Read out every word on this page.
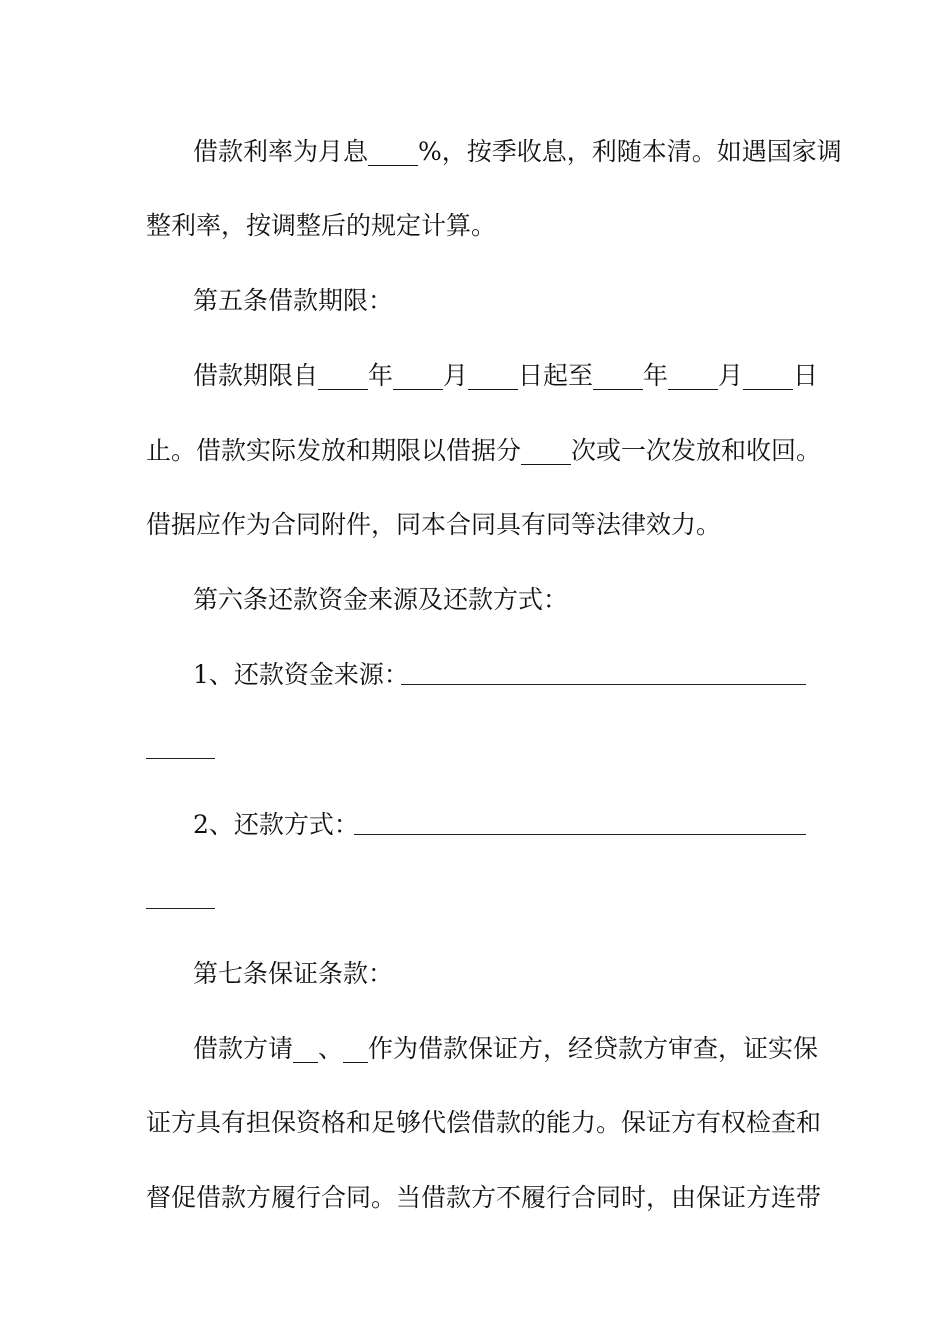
借款利率为月息____%，按季收息，利随本清。如遇国家调
整利率，按调整后的规定计算。
第五条借款期限：
借款期限自____年____月____日起至____年____月____日
止。借款实际发放和期限以借据分____次或一次发放和收回。
借据应作为合同附件，同本合同具有同等法律效力。
第六条还款资金来源及还款方式：
1、还款资金来源：
2、还款方式：
第七条保证条款：
借款方请__、__作为借款保证方，经贷款方审查，证实保
证方具有担保资格和足够代偿借款的能力。保证方有权检查和
督促借款方履行合同。当借款方不履行合同时，由保证方连带
